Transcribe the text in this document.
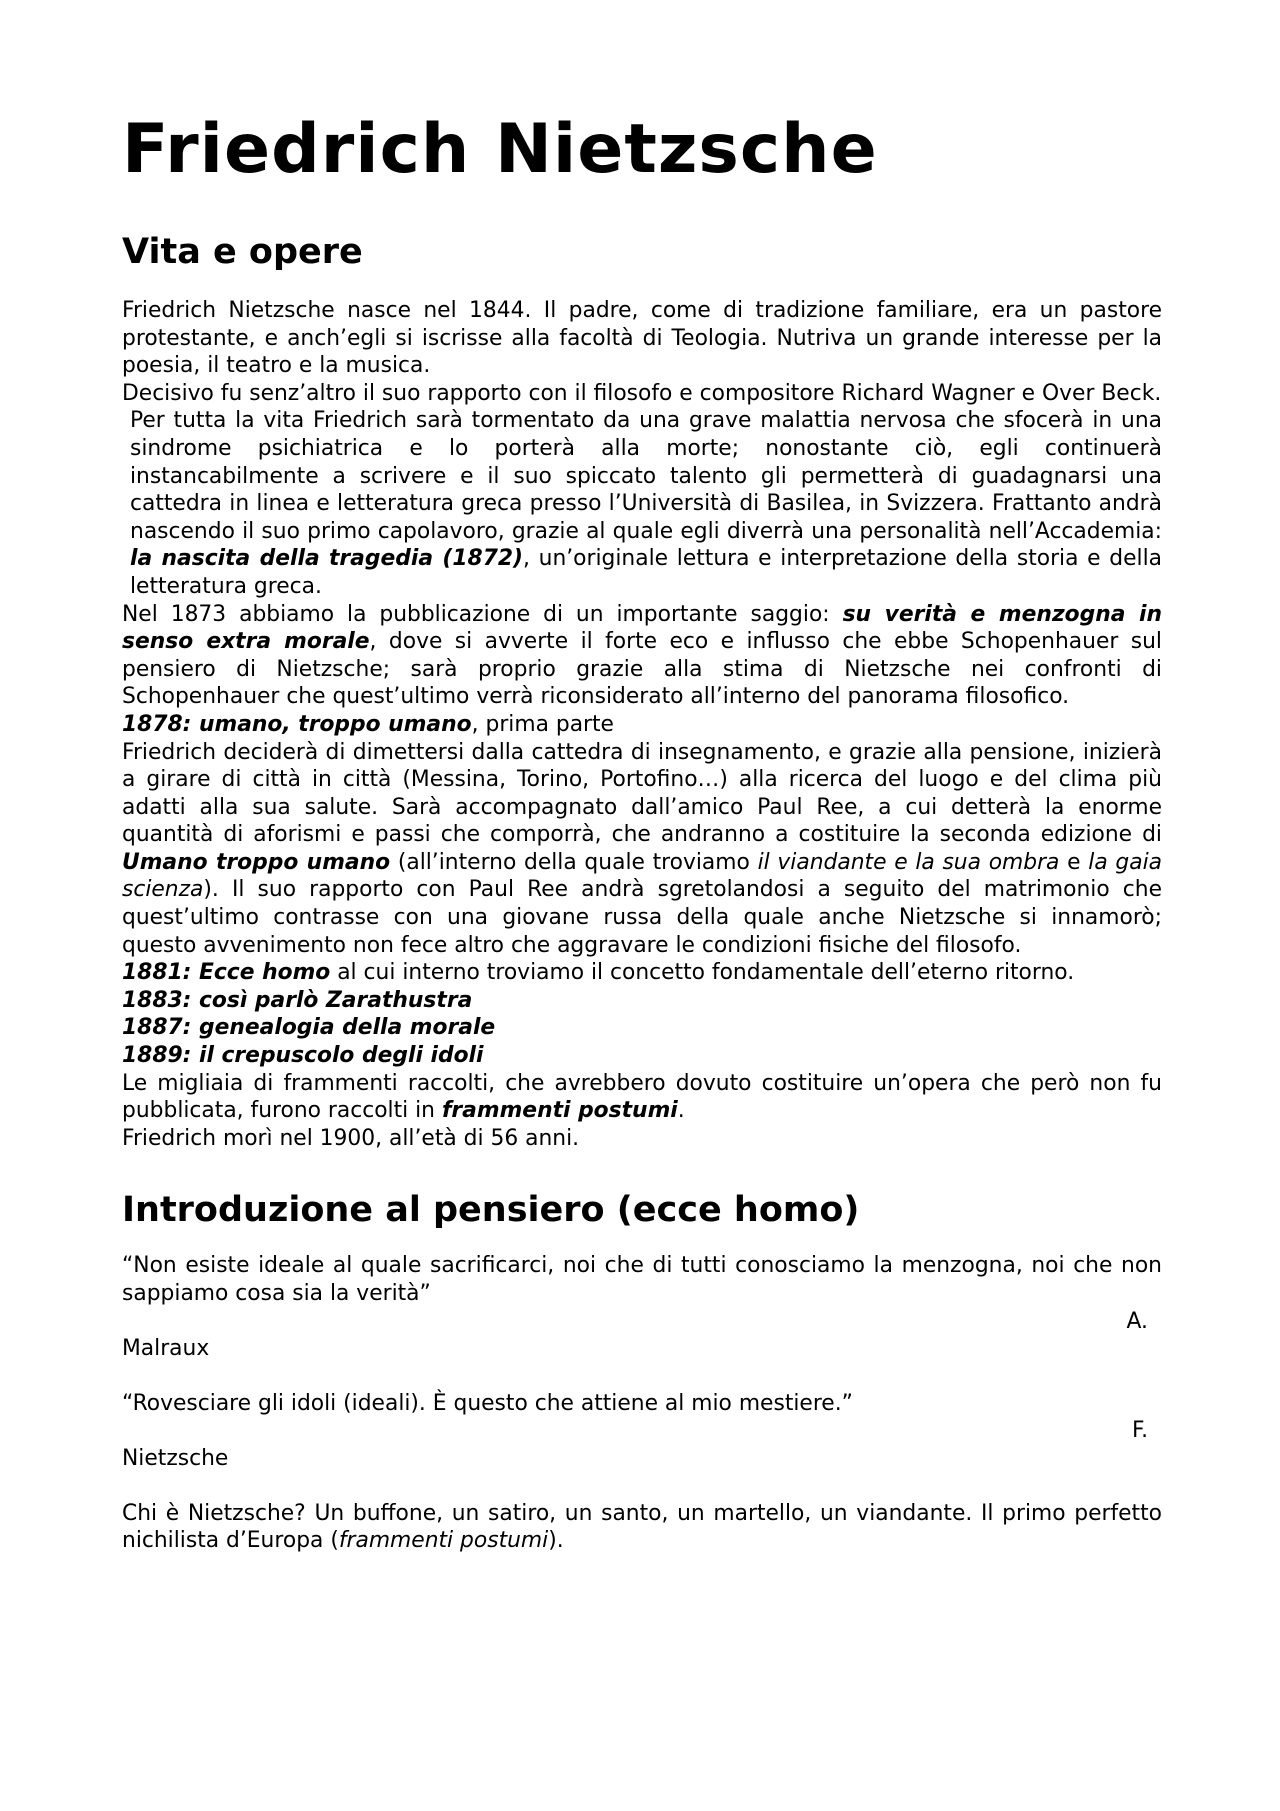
Friedrich Nietzsche
Vita e opere

Friedrich Nietzsche nasce nel 1844. Il padre, come di tradizione familiare, era un pastore protestante, e anch’egli si iscrisse alla facoltà di Teologia. Nutriva un grande interesse per la poesia, il teatro e la musica.

Decisivo fu senz’altro il suo rapporto con il filosofo e compositore Richard Wagner e Over Beck.

Per tutta la vita Friedrich sarà tormentato da una grave malattia nervosa che sfocerà in una sindrome psichiatrica e lo porterà alla morte; nonostante ciò, egli continuerà instancabilmente a scrivere e il suo spiccato talento gli permetterà di guadagnarsi una cattedra in linea e letteratura greca presso l’Università di Basilea, in Svizzera. Frattanto andrà nascendo il suo primo capolavoro, grazie al quale egli diverrà una personalità nell’Accademia: la nascita della tragedia (1872), un’originale lettura e interpretazione della storia e della letteratura greca.

Nel 1873 abbiamo la pubblicazione di un importante saggio: su verità e menzogna in senso extra morale, dove si avverte il forte eco e influsso che ebbe Schopenhauer sul pensiero di Nietzsche; sarà proprio grazie alla stima di Nietzsche nei confronti di Schopenhauer che quest’ultimo verrà riconsiderato all’interno del panorama filosofico.

1878: umano, troppo umano, prima parte

Friedrich deciderà di dimettersi dalla cattedra di insegnamento, e grazie alla pensione, inizierà a girare di città in città (Messina, Torino, Portofino…) alla ricerca del luogo e del clima più adatti alla sua salute. Sarà accompagnato dall’amico Paul Ree, a cui detterà la enorme quantità di aforismi e passi che comporrà, che andranno a costituire la seconda edizione di Umano troppo umano (all’interno della quale troviamo il viandante e la sua ombra e la gaia scienza). Il suo rapporto con Paul Ree andrà sgretolandosi a seguito del matrimonio che quest’ultimo contrasse con una giovane russa della quale anche Nietzsche si innamorò; questo avvenimento non fece altro che aggravare le condizioni fisiche del filosofo.

1881: Ecce homo al cui interno troviamo il concetto fondamentale dell’eterno ritorno.

1883: così parlò Zarathustra

1887: genealogia della morale

1889: il crepuscolo degli idoli

Le migliaia di frammenti raccolti, che avrebbero dovuto costituire un’opera che però non fu pubblicata, furono raccolti in frammenti postumi.

Friedrich morì nel 1900, all’età di 56 anni.

Introduzione al pensiero (ecce homo)

“Non esiste ideale al quale sacrificarci, noi che di tutti conosciamo la menzogna, noi che non sappiamo cosa sia la verità”

A.

Malraux

“Rovesciare gli idoli (ideali). È questo che attiene al mio mestiere.”

F.

Nietzsche

Chi è Nietzsche? Un buffone, un satiro, un santo, un martello, un viandante. Il primo perfetto nichilista d’Europa (frammenti postumi).
